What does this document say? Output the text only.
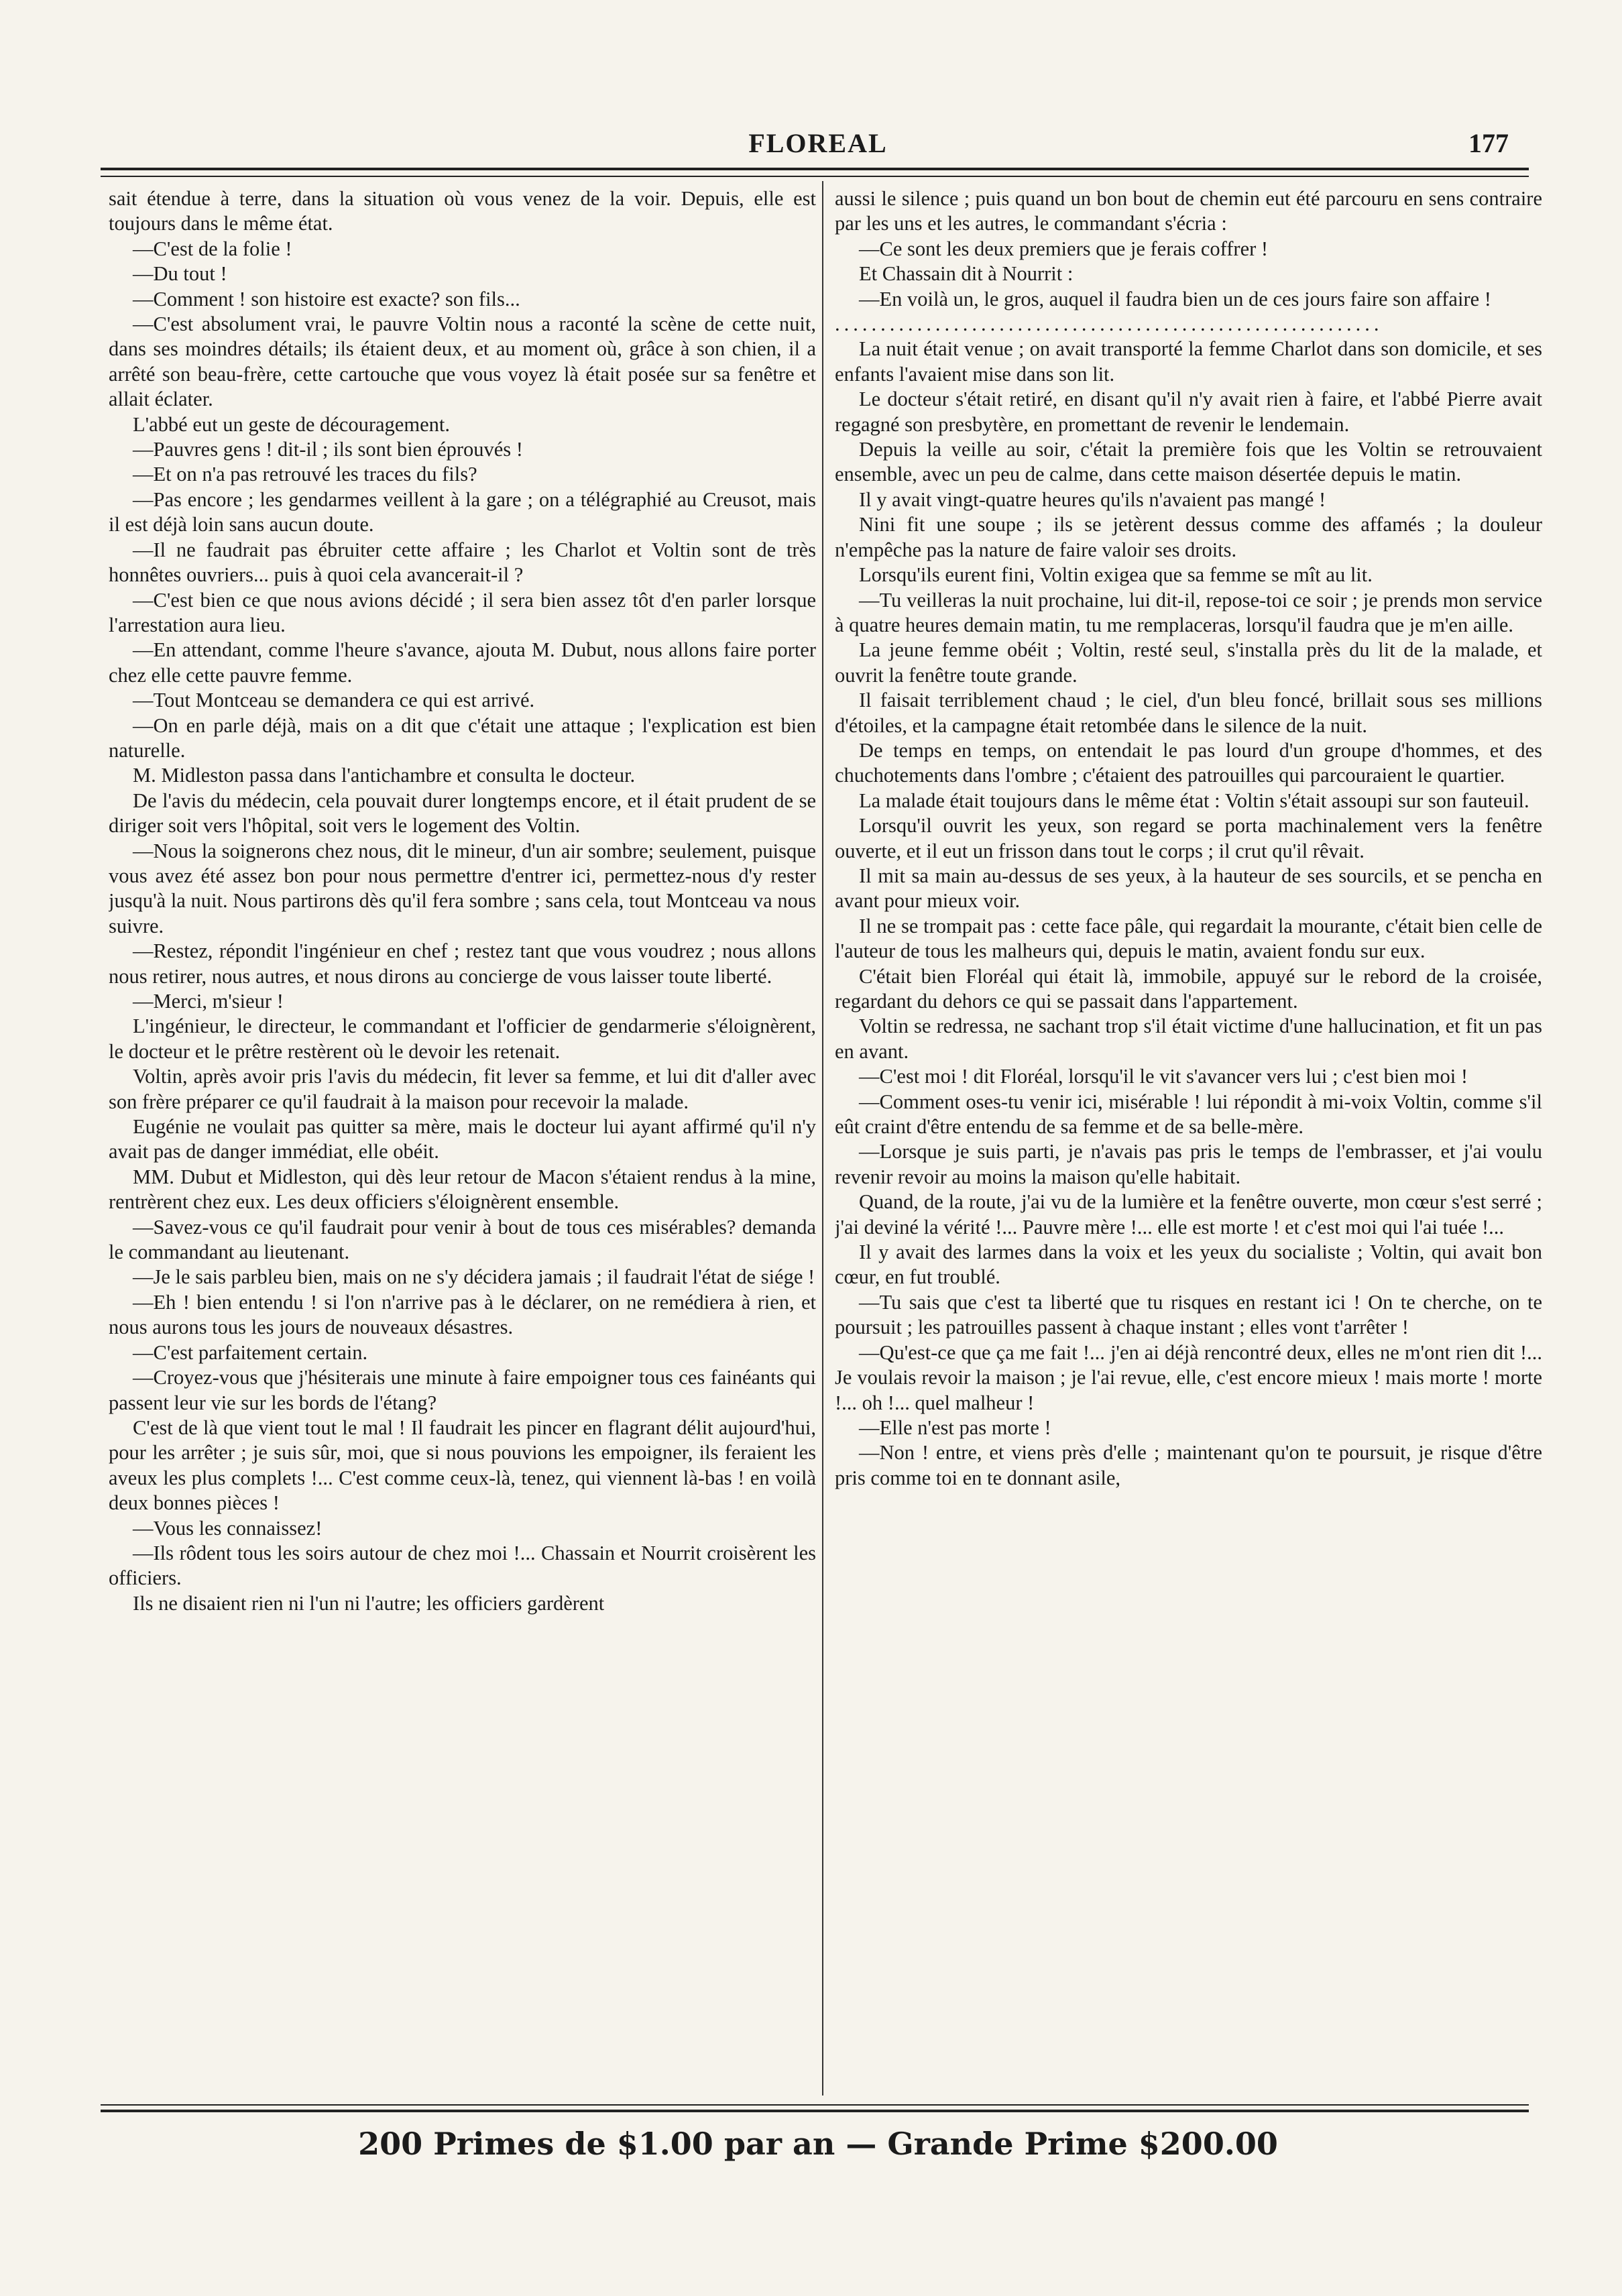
FLOREAL	177

sait étendue à terre, dans la situation où vous venez de la voir. Depuis, elle est toujours dans le même état.

—C'est de la folie !

—Du tout !

—Comment ! son histoire est exacte? son fils...

—C'est absolument vrai, le pauvre Voltin nous a raconté la scène de cette nuit, dans ses moindres détails; ils étaient deux, et au moment où, grâce à son chien, il a arrêté son beau-frère, cette cartouche que vous voyez là était posée sur sa fenêtre et allait éclater.

L'abbé eut un geste de découragement.

—Pauvres gens ! dit-il ; ils sont bien éprouvés !

—Et on n'a pas retrouvé les traces du fils?

—Pas encore ; les gendarmes veillent à la gare ; on a télégraphié au Creusot, mais il est déjà loin sans aucun doute.

—Il ne faudrait pas ébruiter cette affaire ; les Charlot et Voltin sont de très honnêtes ouvriers... puis à quoi cela avancerait-il ?

—C'est bien ce que nous avions décidé ; il sera bien assez tôt d'en parler lorsque l'arrestation aura lieu.

—En attendant, comme l'heure s'avance, ajouta M. Dubut, nous allons faire porter chez elle cette pauvre femme.

—Tout Montceau se demandera ce qui est arrivé.

—On en parle déjà, mais on a dit que c'était une attaque ; l'explication est bien naturelle.

M. Midleston passa dans l'antichambre et consulta le docteur.

De l'avis du médecin, cela pouvait durer longtemps encore, et il était prudent de se diriger soit vers l'hôpital, soit vers le logement des Voltin.

—Nous la soignerons chez nous, dit le mineur, d'un air sombre; seulement, puisque vous avez été assez bon pour nous permettre d'entrer ici, permettez-nous d'y rester jusqu'à la nuit. Nous partirons dès qu'il fera sombre ; sans cela, tout Montceau va nous suivre.

—Restez, répondit l'ingénieur en chef ; restez tant que vous voudrez ; nous allons nous retirer, nous autres, et nous dirons au concierge de vous laisser toute liberté.

—Merci, m'sieur !

L'ingénieur, le directeur, le commandant et l'officier de gendarmerie s'éloignèrent, le docteur et le prêtre restèrent où le devoir les retenait.

Voltin, après avoir pris l'avis du médecin, fit lever sa femme, et lui dit d'aller avec son frère préparer ce qu'il faudrait à la maison pour recevoir la malade.

Eugénie ne voulait pas quitter sa mère, mais le docteur lui ayant affirmé qu'il n'y avait pas de danger immédiat, elle obéit.

MM. Dubut et Midleston, qui dès leur retour de Macon s'étaient rendus à la mine, rentrèrent chez eux. Les deux officiers s'éloignèrent ensemble.

—Savez-vous ce qu'il faudrait pour venir à bout de tous ces misérables? demanda le commandant au lieutenant.

—Je le sais parbleu bien, mais on ne s'y décidera jamais ; il faudrait l'état de siége !

—Eh ! bien entendu ! si l'on n'arrive pas à le déclarer, on ne remédiera à rien, et nous aurons tous les jours de nouveaux désastres.

—C'est parfaitement certain.

—Croyez-vous que j'hésiterais une minute à faire empoigner tous ces fainéants qui passent leur vie sur les bords de l'étang?

C'est de là que vient tout le mal ! Il faudrait les pincer en flagrant délit aujourd'hui, pour les arrêter ; je suis sûr, moi, que si nous pouvions les empoigner, ils feraient les aveux les plus complets !... C'est comme ceux-là, tenez, qui viennent là-bas ! en voilà deux bonnes pièces !

—Vous les connaissez!

—Ils rôdent tous les soirs autour de chez moi !... Chassain et Nourrit croisèrent les officiers.

Ils ne disaient rien ni l'un ni l'autre; les officiers gardèrent

aussi le silence ; puis quand un bon bout de chemin eut été parcouru en sens contraire par les uns et les autres, le commandant s'écria :

—Ce sont les deux premiers que je ferais coffrer !

Et Chassain dit à Nourrit :

—En voilà un, le gros, auquel il faudra bien un de ces jours faire son affaire !

............................................................

La nuit était venue ; on avait transporté la femme Charlot dans son domicile, et ses enfants l'avaient mise dans son lit.

Le docteur s'était retiré, en disant qu'il n'y avait rien à faire, et l'abbé Pierre avait regagné son presbytère, en promettant de revenir le lendemain.

Depuis la veille au soir, c'était la première fois que les Voltin se retrouvaient ensemble, avec un peu de calme, dans cette maison désertée depuis le matin.

Il y avait vingt-quatre heures qu'ils n'avaient pas mangé !

Nini fit une soupe ; ils se jetèrent dessus comme des affamés ; la douleur n'empêche pas la nature de faire valoir ses droits.

Lorsqu'ils eurent fini, Voltin exigea que sa femme se mît au lit.

—Tu veilleras la nuit prochaine, lui dit-il, repose-toi ce soir ; je prends mon service à quatre heures demain matin, tu me remplaceras, lorsqu'il faudra que je m'en aille.

La jeune femme obéit ; Voltin, resté seul, s'installa près du lit de la malade, et ouvrit la fenêtre toute grande.

Il faisait terriblement chaud ; le ciel, d'un bleu foncé, brillait sous ses millions d'étoiles, et la campagne était retombée dans le silence de la nuit.

De temps en temps, on entendait le pas lourd d'un groupe d'hommes, et des chuchotements dans l'ombre ; c'étaient des patrouilles qui parcouraient le quartier.

La malade était toujours dans le même état : Voltin s'était assoupi sur son fauteuil.

Lorsqu'il ouvrit les yeux, son regard se porta machinalement vers la fenêtre ouverte, et il eut un frisson dans tout le corps ; il crut qu'il rêvait.

Il mit sa main au-dessus de ses yeux, à la hauteur de ses sourcils, et se pencha en avant pour mieux voir.

Il ne se trompait pas : cette face pâle, qui regardait la mourante, c'était bien celle de l'auteur de tous les malheurs qui, depuis le matin, avaient fondu sur eux.

C'était bien Floréal qui était là, immobile, appuyé sur le rebord de la croisée, regardant du dehors ce qui se passait dans l'appartement.

Voltin se redressa, ne sachant trop s'il était victime d'une hallucination, et fit un pas en avant.

—C'est moi ! dit Floréal, lorsqu'il le vit s'avancer vers lui ; c'est bien moi !

—Comment oses-tu venir ici, misérable ! lui répondit à mi-voix Voltin, comme s'il eût craint d'être entendu de sa femme et de sa belle-mère.

—Lorsque je suis parti, je n'avais pas pris le temps de l'embrasser, et j'ai voulu revenir revoir au moins la maison qu'elle habitait.

Quand, de la route, j'ai vu de la lumière et la fenêtre ouverte, mon cœur s'est serré ; j'ai deviné la vérité !... Pauvre mère !... elle est morte ! et c'est moi qui l'ai tuée !...

Il y avait des larmes dans la voix et les yeux du socialiste ; Voltin, qui avait bon cœur, en fut troublé.

—Tu sais que c'est ta liberté que tu risques en restant ici ! On te cherche, on te poursuit ; les patrouilles passent à chaque instant ; elles vont t'arrêter !

—Qu'est-ce que ça me fait !... j'en ai déjà rencontré deux, elles ne m'ont rien dit !... Je voulais revoir la maison ; je l'ai revue, elle, c'est encore mieux ! mais morte ! morte !... oh !... quel malheur !

—Elle n'est pas morte !

—Non ! entre, et viens près d'elle ; maintenant qu'on te poursuit, je risque d'être pris comme toi en te donnant asile,

200 Primes de $1.00 par an — Grande Prime $200.00
